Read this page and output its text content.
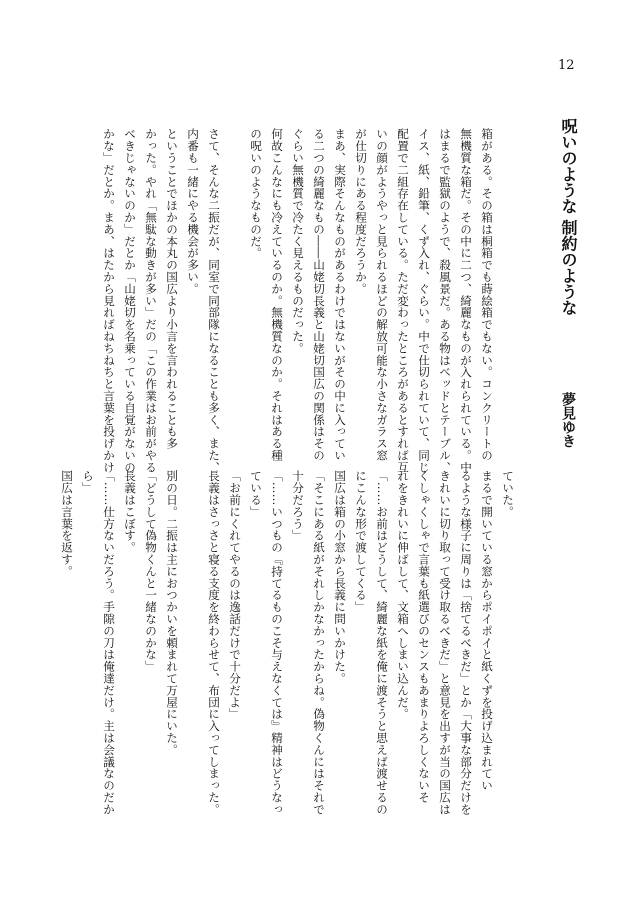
12
呪いのような 制約のような
夢見ゆき

箱がある。その箱は桐箱でも蒔絵箱でもない。コンクリートの

無機質な箱だ。その中に二つ、綺麗なものが入れられている。中

はまるで監獄のようで、殺風景だ。ある物はベッドとテーブル、

イス、紙、鉛筆、くず入れ、ぐらい。中で仕切られていて、同じ

配置で二組存在している。ただ変わったところがあるとすれば互

いの顔がようやっと見られるほどの解放可能な小さなガラス窓

が仕切りにある程度だろうか。

まあ、実際そんなものがあるわけではないがその中に入ってい

る二つの綺麗なもの――山姥切長義と山姥切国広の関係はその

ぐらい無機質で冷たく見えるものだった。

何故こんなにも冷えているのか。無機質なのか。それはある種

の呪いのようなものだ。

さて、そんな二振だが、同室で同部隊になることも多く、また、

内番も一緒にやる機会が多い。

ということでほかの本丸の国広より小言を言われることも多

かった。やれ「無駄な動きが多い」だの「この作業はお前がやる

べきじゃないのか」だとか「山姥切を名乗っている自覚がないの

かな」だとか。まあ、はたから見ればねちねちと言葉を投げかけ

ていた。

まるで開いている窓からポイポイと紙くずを投げ込まれてい

るような様子に周りは「捨てるべきだ」とか「大事な部分だけを

きれいに切り取って受け取るべきだ」と意見を出すが当の国広は

くしゃくしゃで言葉も紙選びのセンスもあまりよろしくないそ

れをきれいに伸ばして、文箱へしまい込んだ。

「……お前はどうして、綺麗な紙を俺に渡そうと思えば渡せるの

にこんな形で渡してくる」

国広は箱の小窓から長義に問いかけた。

「そこにある紙がそれしかなかったからね。偽物くんにはそれで

十分だろう」

「……いつもの『持てるものこそ与えなくては』精神はどうなっ

ている」

「お前にくれてやるのは逸話だけで十分だよ」

長義はさっさと寝る支度を終わらせて、布団に入ってしまった。

別の日。二振は主におつかいを頼まれて万屋にいた。

「どうして偽物くんと一緒なのかな」

長義はこぼす。

「……仕方ないだろう。手隙の刀は俺達だけ。主は会議なのだか

ら」

国広は言葉を返す。
